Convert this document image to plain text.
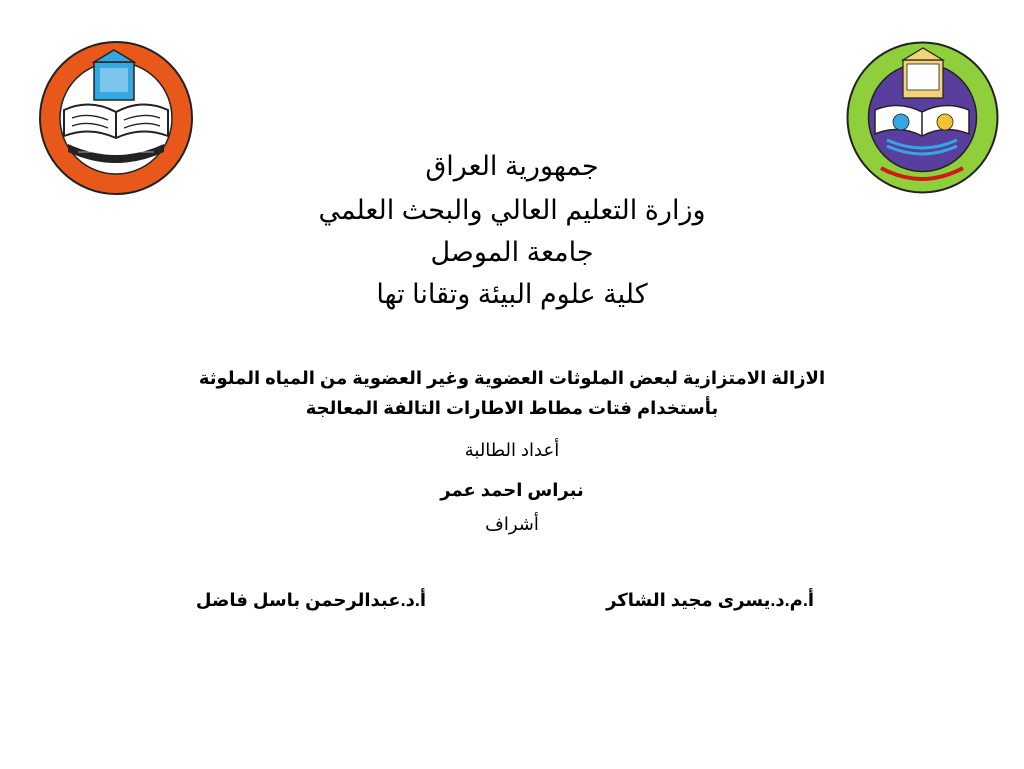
جمهورية العراق
وزارة التعليم العالي والبحث العلمي
جامعة الموصل
كلية علوم البيئة وتقانا تها
الازالة الامتزازية لبعض الملوثات العضوية وغير العضوية من المياه الملوثة
بأستخدام فتات مطاط الاطارات التالفة المعالجة
أعداد الطالبة
نبراس احمد عمر
أشراف
أ.م.د.يسرى مجيد الشاكر
أ.د.عبدالرحمن باسل فاضل
